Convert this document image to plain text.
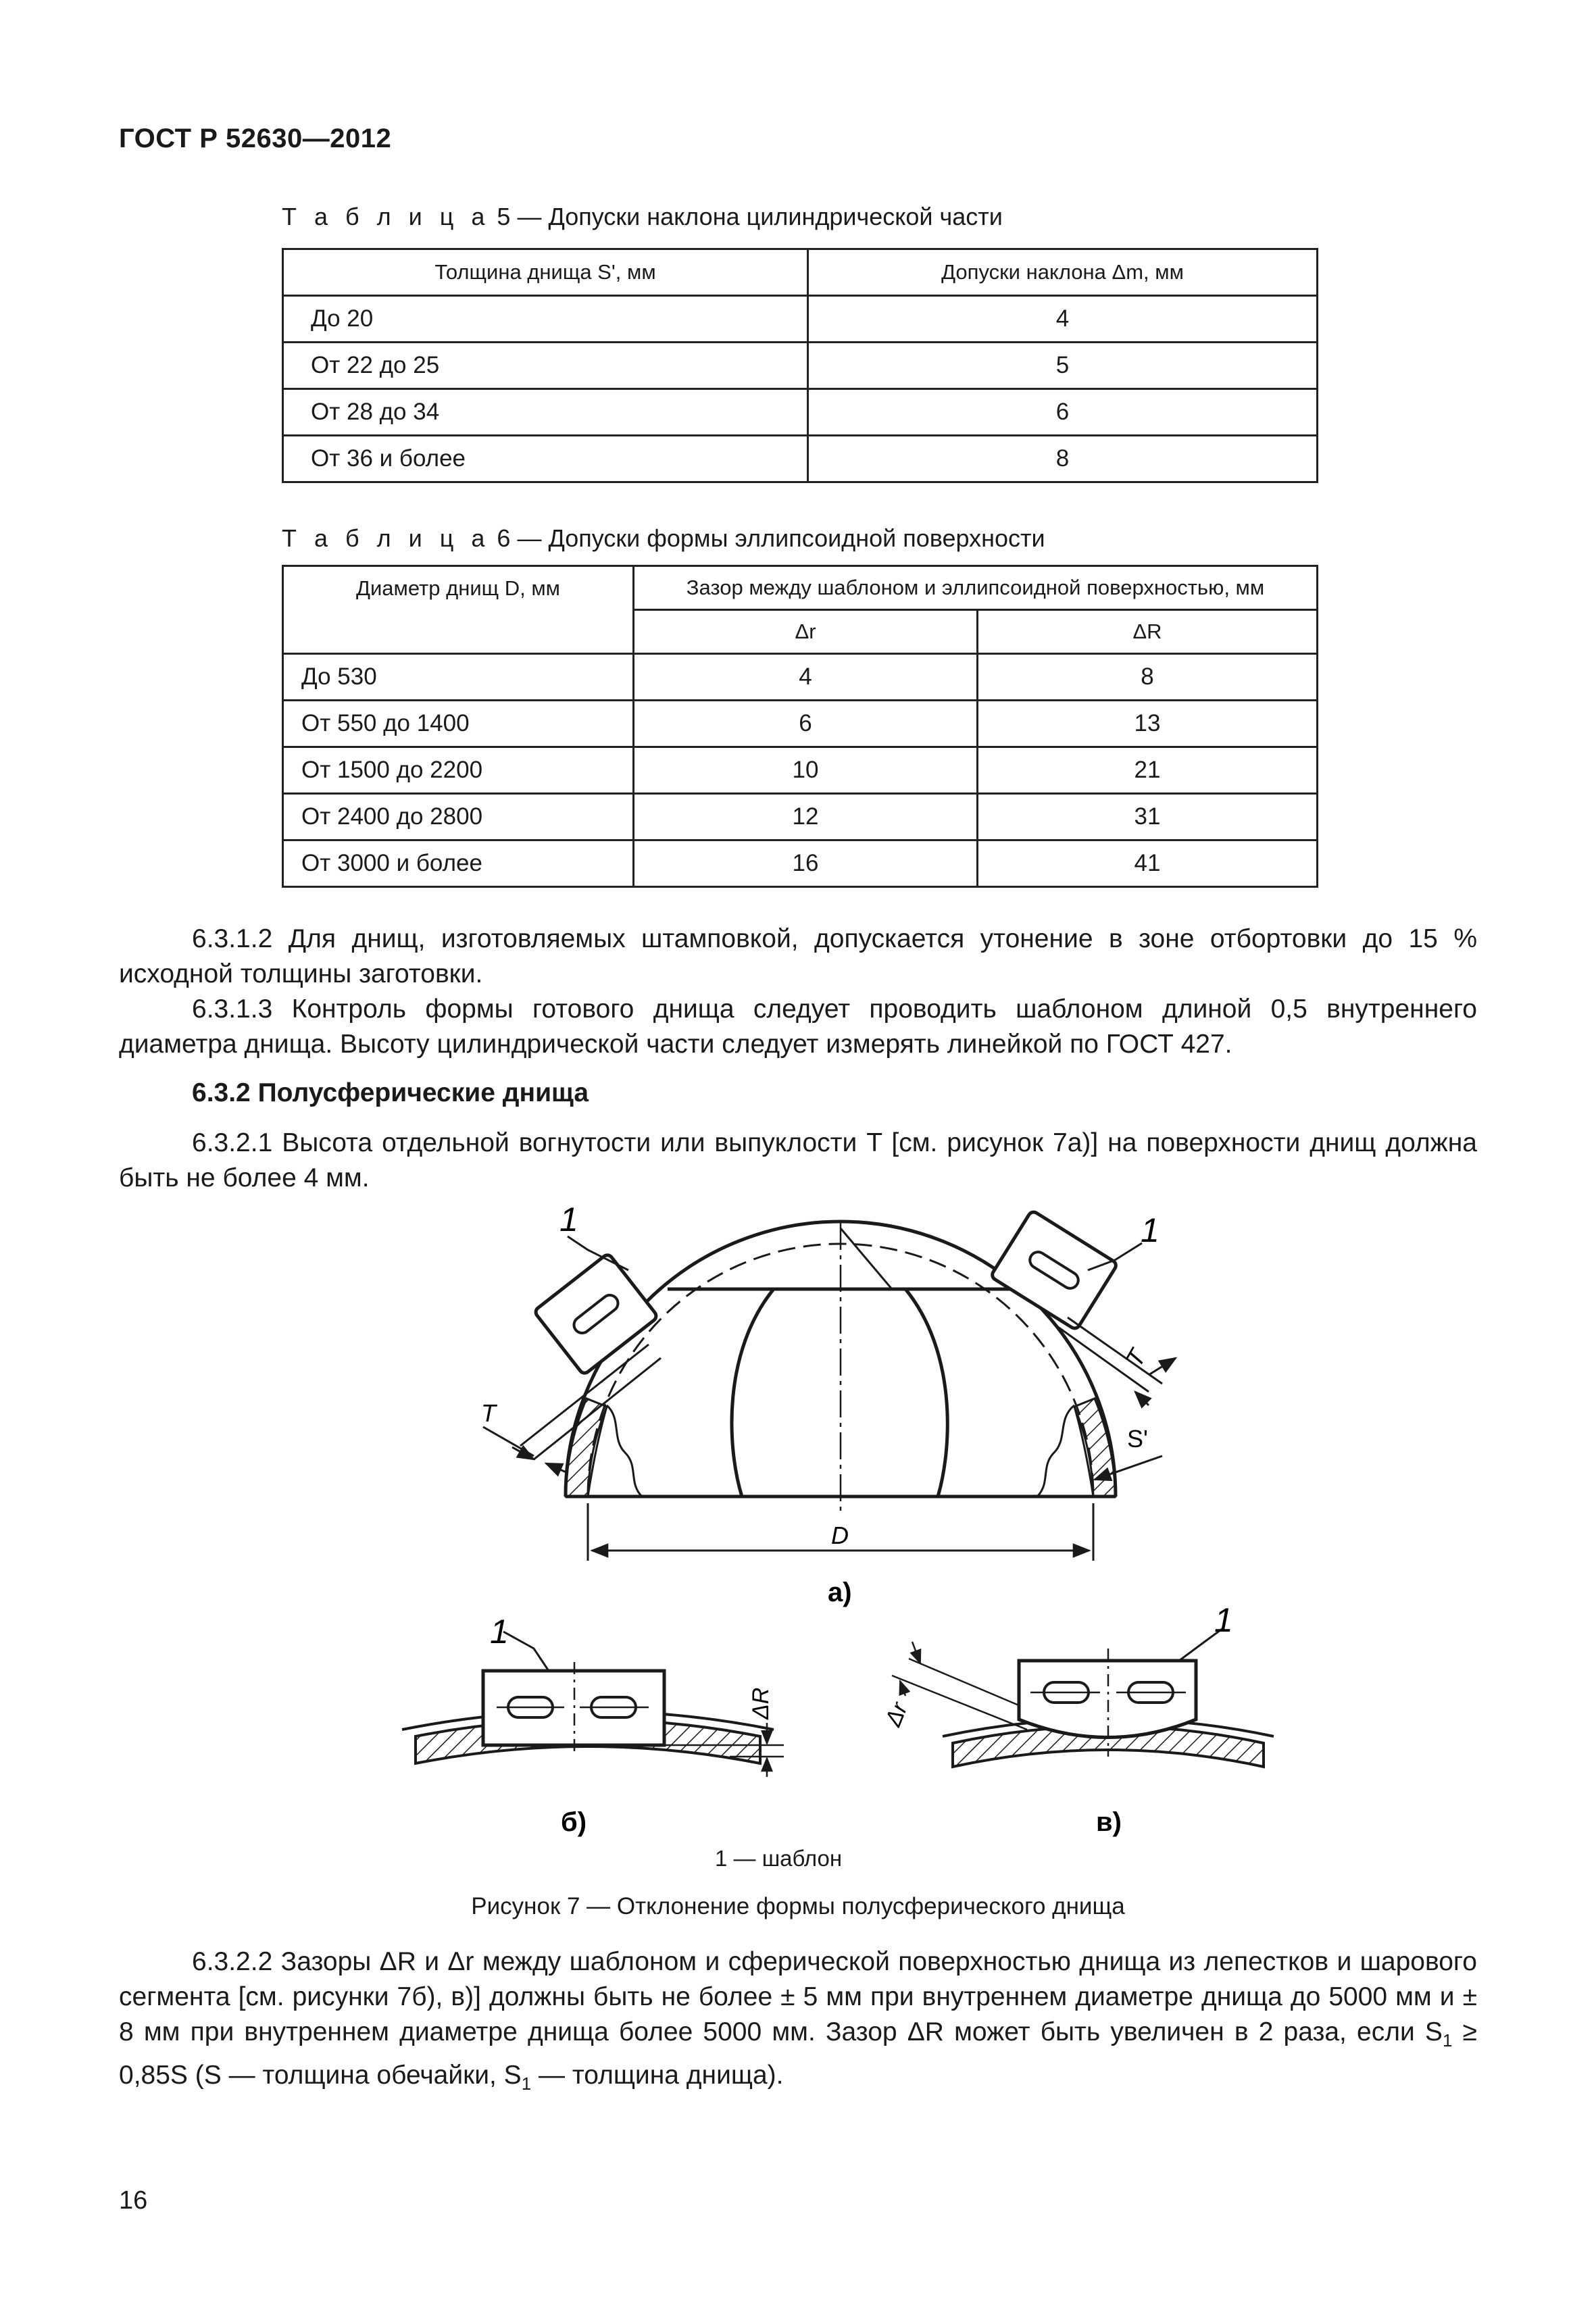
ГОСТ Р 52630—2012
Т а б л и ц а 5 — Допуски наклона цилиндрической части
Толщина днища S', мм	Допуски наклона Δm, мм
До 20	4
От 22 до 25	5
От 28 до 34	6
От 36 и более	8
Т а б л и ц а 6 — Допуски формы эллипсоидной поверхности
Диаметр днищ D, мм	Зазор между шаблоном и эллипсоидной поверхностью, мм	
	Δr	ΔR
До 530	4	8
От 550 до 1400	6	13
От 1500 до 2200	10	21
От 2400 до 2800	12	31
От 3000 и более	16	41
6.3.1.2 Для днищ, изготовляемых штамповкой, допускается утонение в зоне отбортовки до 15 % исходной толщины заготовки.
6.3.1.3 Контроль формы готового днища следует проводить шаблоном длиной 0,5 внутреннего диаметра днища. Высоту цилиндрической части следует измерять линейкой по ГОСТ 427.
6.3.2 Полусферические днища
6.3.2.1 Высота отдельной вогнутости или выпуклости T [см. рисунок 7а)] на поверхности днищ должна быть не более 4 мм.
1	1
T
T
S'
D
а)
1
ΔR
б)
1
Δr
в)
1 — шаблон
Рисунок 7 — Отклонение формы полусферического днища
6.3.2.2 Зазоры ΔR и Δr между шаблоном и сферической поверхностью днища из лепестков и шарового сегмента [см. рисунки 7б), в)] должны быть не более ± 5 мм при внутреннем диаметре днища до 5000 мм и ± 8 мм при внутреннем диаметре днища более 5000 мм. Зазор ΔR может быть увеличен в 2 раза, если $S_1 \ge 0,85S$ (S — толщина обечайки, $S_1$ — толщина днища).
16
